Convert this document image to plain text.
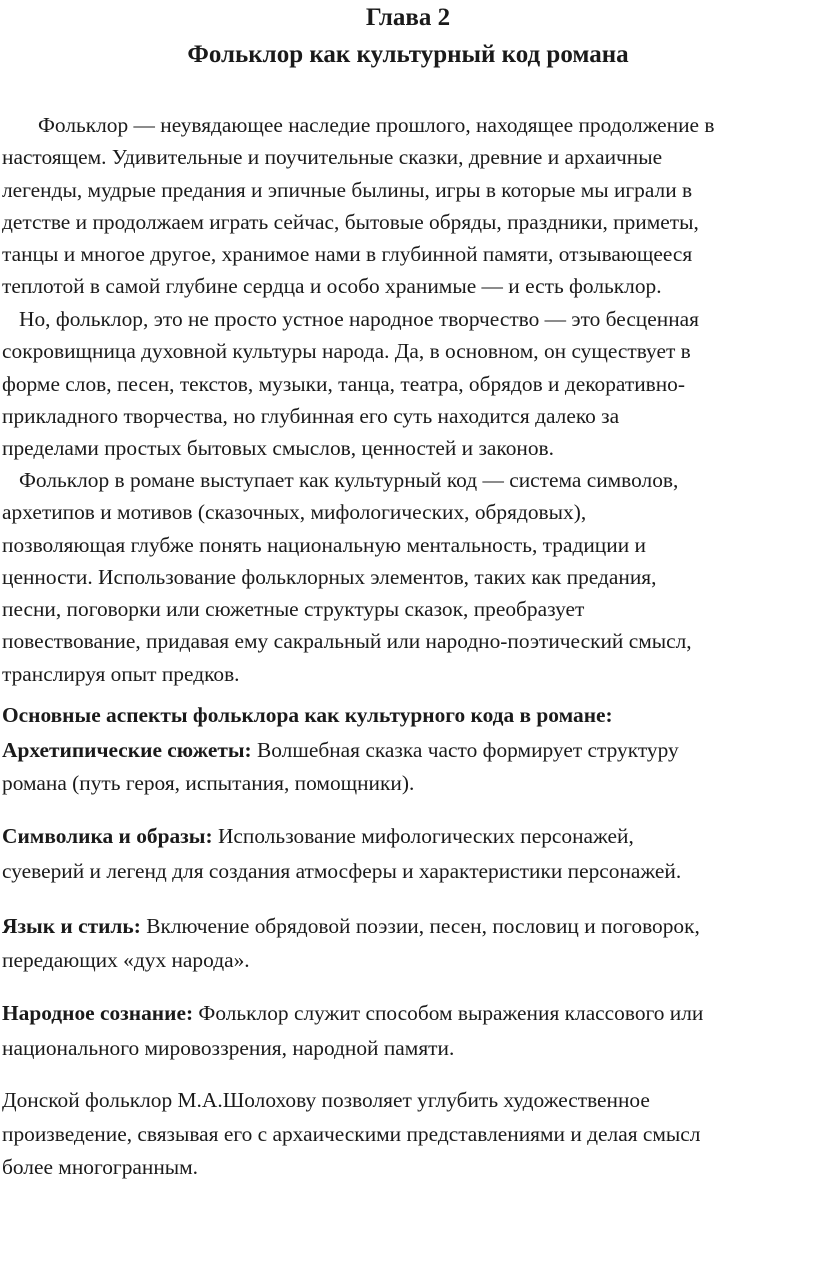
Глава 2
Фольклор как культурный код романа
Фольклор — неувядающее наследие прошлого, находящее продолжение в
настоящем. Удивительные и поучительные сказки, древние и архаичные
легенды, мудрые предания и эпичные былины, игры в которые мы играли в
детстве и продолжаем играть сейчас, бытовые обряды, праздники, приметы,
танцы и многое другое, хранимое нами в глубинной памяти, отзывающееся
теплотой в самой глубине сердца и особо хранимые — и есть фольклор.
Но, фольклор, это не просто устное народное творчество — это бесценная
сокровищница духовной культуры народа. Да, в основном, он существует в
форме слов, песен, текстов, музыки, танца, театра, обрядов и декоративно-
прикладного творчества, но глубинная его суть находится далеко за
пределами простых бытовых смыслов, ценностей и законов.
Фольклор в романе выступает как культурный код — система символов,
архетипов и мотивов (сказочных, мифологических, обрядовых),
позволяющая глубже понять национальную ментальность, традиции и
ценности. Использование фольклорных элементов, таких как предания,
песни, поговорки или сюжетные структуры сказок, преобразует
повествование, придавая ему сакральный или народно-поэтический смысл,
транслируя опыт предков.
Основные аспекты фольклора как культурного кода в романе:
Архетипические сюжеты: Волшебная сказка часто формирует структуру
романа (путь героя, испытания, помощники).
Символика и образы: Использование мифологических персонажей,
суеверий и легенд для создания атмосферы и характеристики персонажей.
Язык и стиль: Включение обрядовой поэзии, песен, пословиц и поговорок,
передающих «дух народа».
Народное сознание: Фольклор служит способом выражения классового или
национального мировоззрения, народной памяти.
Донской фольклор М.А.Шолохову позволяет углубить художественное
произведение, связывая его с архаическими представлениями и делая смысл
более многогранным.
